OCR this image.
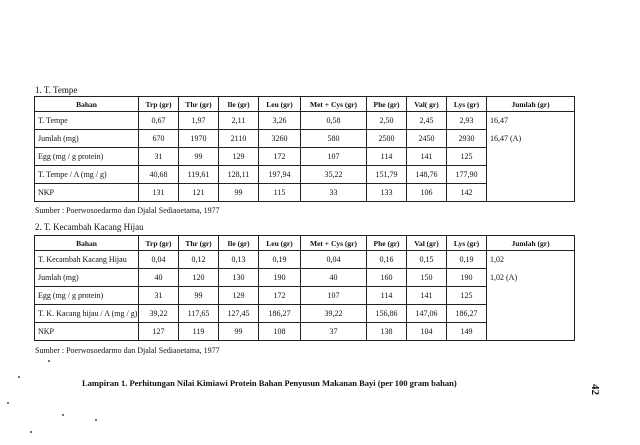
1. T. Tempe
Bahan	Trp (gr)	Thr (gr)	Ile (gr)	Leu (gr)	Met + Cys (gr)	Phe (gr)	Val( gr)	Lys (gr)	Jumlah (gr)
T. Tempe	0,67	1,97	2,11	3,26	0,58	2,50	2,45	2,93	16,47
Jumlah (mg)	670	1970	2110	3260	580	2500	2450	2930	16,47 (A)
Egg (mg / g protein)	31	99	129	172	107	114	141	125	
T. Tempe / A (mg / g)	40,68	119,61	128,11	197,94	35,22	151,79	148,76	177,90	
NKP	131	121	99	115	33	133	106	142	
Sumber : Poerwosoedarmo dan Djalal Sediaoetama, 1977
2. T. Kecambah Kacang Hijau
Bahan	Trp (gr)	Thr (gr)	Ile (gr)	Leu (gr)	Met + Cys (gr)	Phe (gr)	Val (gr)	Lys (gr)	Jumlah (gr)
T. Kecambah Kacang Hijau	0,04	0,12	0,13	0,19	0,04	0,16	0,15	0,19	1,02
Jumlah (mg)	40	120	130	190	40	160	150	190	1,02 (A)
Egg (mg / g protein)	31	99	129	172	107	114	141	125	
T. K. Kacang hijau / A (mg / g)	39,22	117,65	127,45	186,27	39,22	156,86	147,06	186,27	
NKP	127	119	99	108	37	138	104	149	
Sumber : Poerwosoedarmo dan Djalal Sediaoetama, 1977
Lampiran 1. Perhitungan Nilai Kimiawi Protein Bahan Penyusun Makanan Bayi (per 100 gram bahan)
42
